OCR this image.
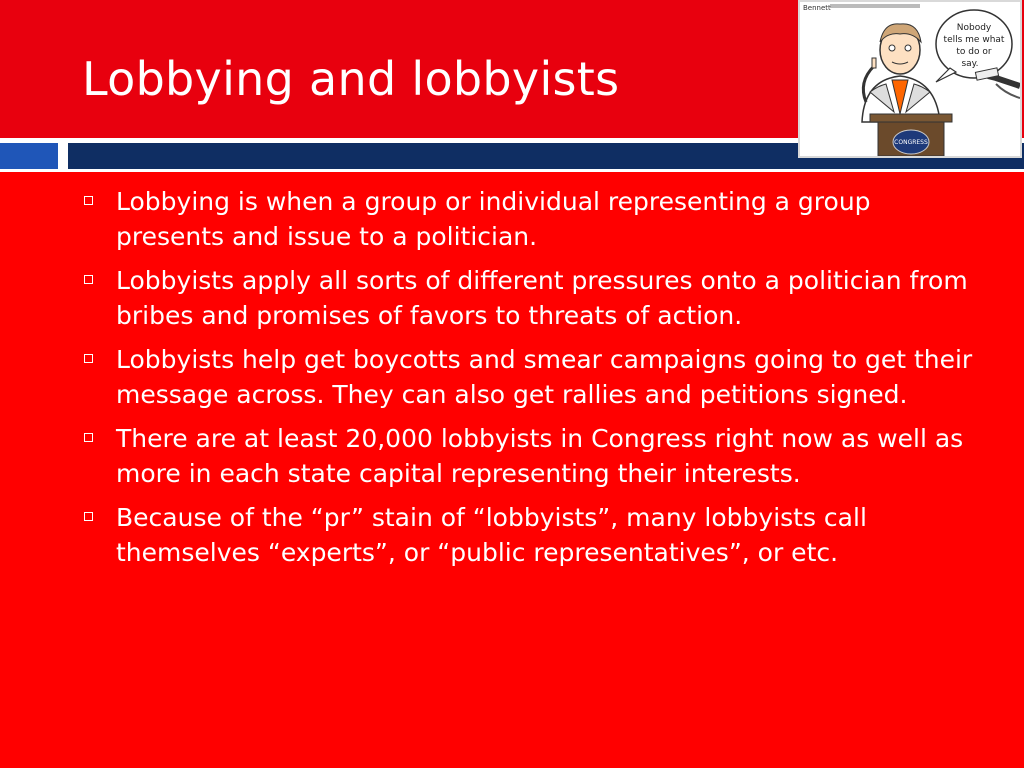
Lobbying and lobbyists
Bennett
CONGRESS
Nobody
tells me what
to do or
say.
Lobbying is when a group or individual representing a group presents and issue to a politician.
Lobbyists apply all sorts of different pressures onto a politician from bribes and promises of favors to threats of action.
Lobbyists help get boycotts and smear campaigns going to get their message across. They can also get rallies and petitions signed.
There are at least 20,000 lobbyists in Congress right now as well as more in each state capital representing their interests.
Because of the “pr” stain of “lobbyists”, many lobbyists call themselves “experts”, or “public representatives”, or etc.
